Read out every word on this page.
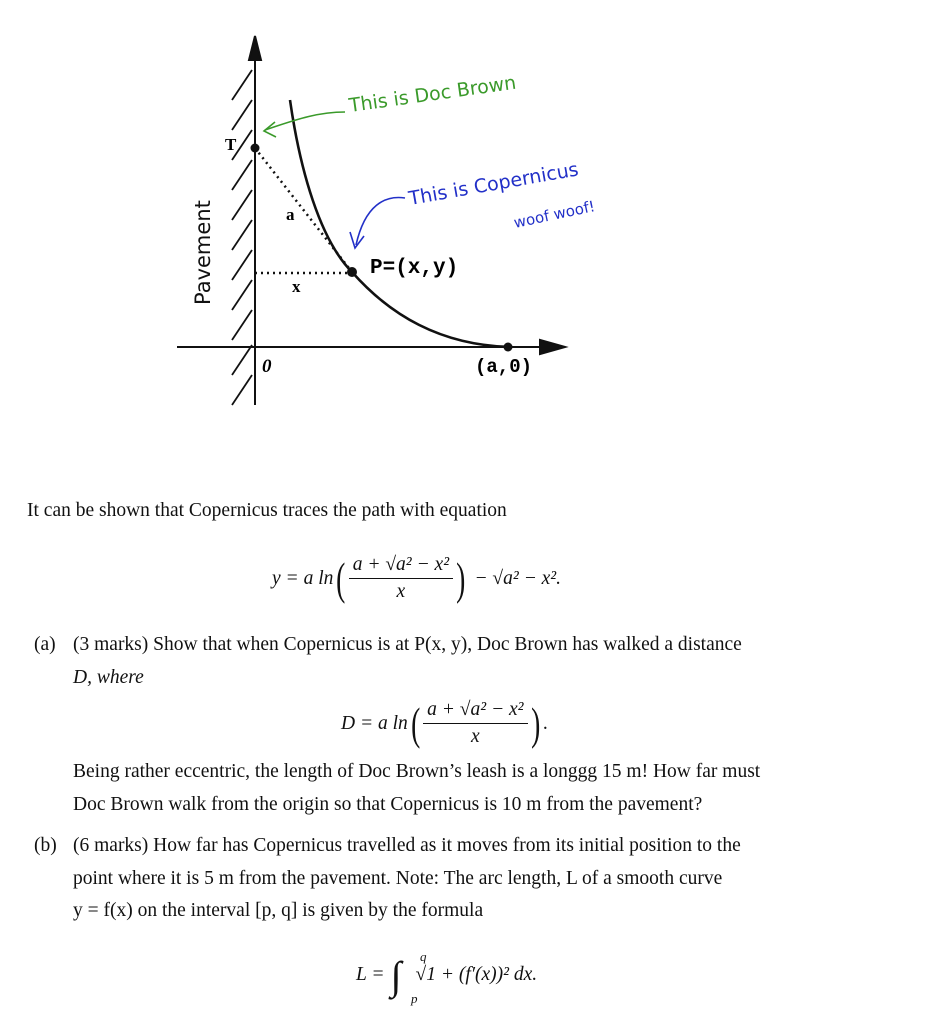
T
a
x
P=(x,y)
0	(a,0)
This is Doc Brown
This is Copernicus
woof woof!
Pavement
It can be shown that Copernicus traces the path with equation
y = a ln ( $\frac{\text{a + √a² − x²}}{x}$ ) − √a² − x².
(a) (3 marks) Show that when Copernicus is at P(x, y), Doc Brown has walked a distance
D, where
D = a ln ( $\frac{\text{a + √a² − x²}}{x}$ ) .
Being rather eccentric, the length of Doc Brown’s leash is a longgg 15 m! How far must
Doc Brown walk from the origin so that Copernicus is 10 m from the pavement?
(b) (6 marks) How far has Copernicus travelled as it moves from its initial position to the
point where it is 5 m from the pavement. Note: The arc length, L of a smooth curve
y = f(x) on the interval [p, q] is given by the formula
L = ∫ q
p
√1 + (f′(x))² dx.
